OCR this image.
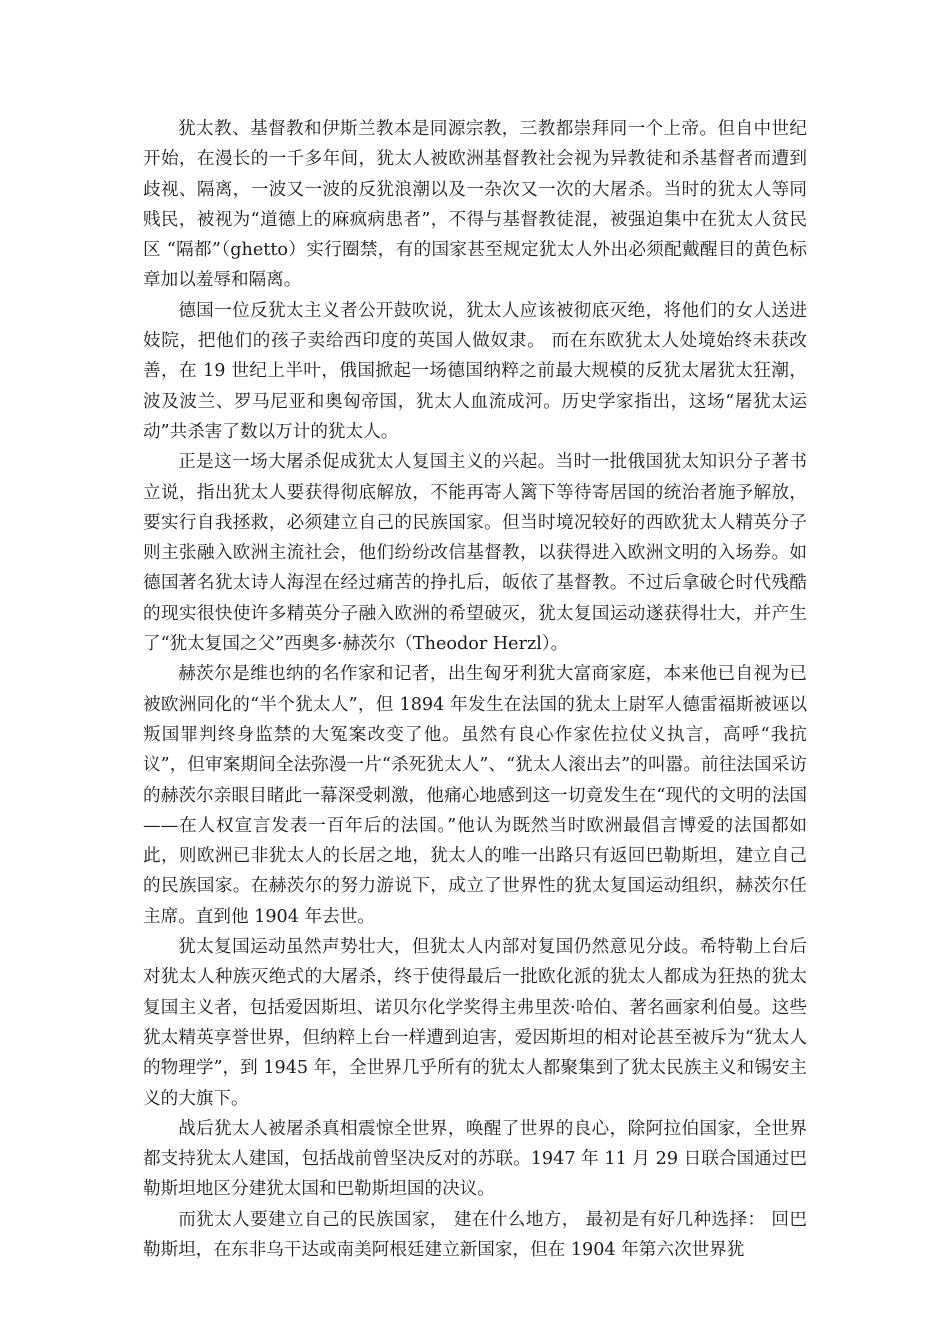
犹太教、基督教和伊斯兰教本是同源宗教，三教都崇拜同一个上帝。但自中世纪开始，在漫长的一千多年间，犹太人被欧洲基督教社会视为异教徒和杀基督者而遭到歧视、隔离，一波又一波的反犹浪潮以及一杂次又一次的大屠杀。当时的犹太人等同贱民，被视为“道德上的麻疯病患者”，不得与基督教徒混，被强迫集中在犹太人贫民区 “隔都”（ghetto）实行圈禁，有的国家甚至规定犹太人外出必须配戴醒目的黄色标章加以羞辱和隔离。

德国一位反犹太主义者公开鼓吹说，犹太人应该被彻底灭绝，将他们的女人送进妓院，把他们的孩子卖给西印度的英国人做奴隶。 而在东欧犹太人处境始终未获改善，在 19 世纪上半叶，俄国掀起一场德国纳粹之前最大规模的反犹太屠犹太狂潮，波及波兰、罗马尼亚和奥匈帝国，犹太人血流成河。历史学家指出，这场“屠犹太运动”共杀害了数以万计的犹太人。

正是这一场大屠杀促成犹太人复国主义的兴起。当时一批俄国犹太知识分子著书立说，指出犹太人要获得彻底解放，不能再寄人篱下等待寄居国的统治者施予解放，要实行自我拯救，必须建立自己的民族国家。但当时境况较好的西欧犹太人精英分子则主张融入欧洲主流社会，他们纷纷改信基督教，以获得进入欧洲文明的入场券。如德国著名犹太诗人海涅在经过痛苦的挣扎后，皈依了基督教。不过后拿破仑时代残酷的现实很快使许多精英分子融入欧洲的希望破灭，犹太复国运动遂获得壮大，并产生了“犹太复国之父”西奥多·赫茨尔（Theodor Herzl）。

赫茨尔是维也纳的名作家和记者，出生匈牙利犹大富商家庭，本来他已自视为已被欧洲同化的“半个犹太人”，但 1894 年发生在法国的犹太上尉军人德雷福斯被诬以叛国罪判终身监禁的大冤案改变了他。虽然有良心作家佐拉仗义执言，高呼“我抗议”，但审案期间全法弥漫一片“杀死犹太人”、“犹太人滚出去”的叫嚣。前往法国采访的赫茨尔亲眼目睹此一幕深受刺激，他痛心地感到这一切竟发生在“现代的文明的法国——在人权宣言发表一百年后的法国。”他认为既然当时欧洲最倡言博爱的法国都如此，则欧洲已非犹太人的长居之地，犹太人的唯一出路只有返回巴勒斯坦，建立自己的民族国家。在赫茨尔的努力游说下，成立了世界性的犹太复国运动组织，赫茨尔任主席。直到他 1904 年去世。

犹太复国运动虽然声势壮大，但犹太人内部对复国仍然意见分歧。希特勒上台后对犹太人种族灭绝式的大屠杀，终于使得最后一批欧化派的犹太人都成为狂热的犹太复国主义者，包括爱因斯坦、诺贝尔化学奖得主弗里茨·哈伯、著名画家利伯曼。这些犹太精英享誉世界，但纳粹上台一样遭到迫害，爱因斯坦的相对论甚至被斥为“犹太人的物理学”，到 1945 年，全世界几乎所有的犹太人都聚集到了犹太民族主义和锡安主义的大旗下。

战后犹太人被屠杀真相震惊全世界，唤醒了世界的良心，除阿拉伯国家，全世界都支持犹太人建国，包括战前曾坚决反对的苏联。1947 年 11 月 29 日联合国通过巴勒斯坦地区分建犹太国和巴勒斯坦国的决议。

而犹太人要建立自己的民族国家， 建在什么地方， 最初是有好几种选择： 回巴勒斯坦，在东非乌干达或南美阿根廷建立新国家，但在 1904 年第六次世界犹
